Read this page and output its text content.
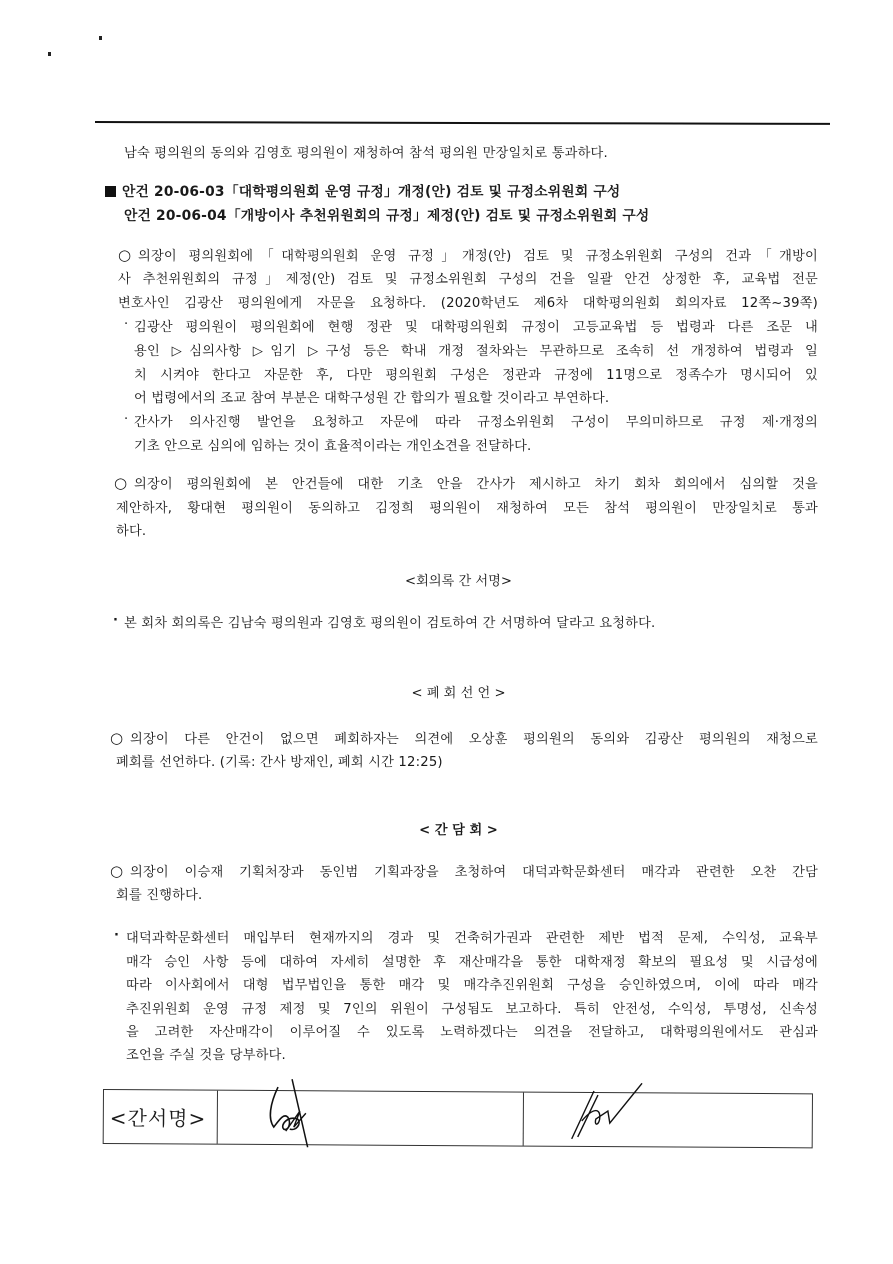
남숙 평의원의 동의와 김영호 평의원이 재청하여 참석 평의원 만장일치로 통과하다.
안건 20-06-03「대학평의원회 운영 규정」개정(안) 검토 및 규정소위원회 구성
안건 20-06-04「개방이사 추천위원회의 규정」제정(안) 검토 및 규정소위원회 구성
○ 의장이 평의원회에「대학평의원회 운영 규정」개정(안) 검토 및 규정소위원회 구성의 건과「개방이
사 추천위원회의 규정」제정(안) 검토 및 규정소위원회 구성의 건을 일괄 안건 상정한 후, 교육법 전문
변호사인 김광산 평의원에게 자문을 요청하다. (2020학년도 제6차 대학평의원회 회의자료 12쪽~39쪽)
· 김광산 평의원이 평의원회에 현행 정관 및 대학평의원회 규정이 고등교육법 등 법령과 다른 조문 내
용인 ▷심의사항 ▷임기 ▷구성 등은 학내 개정 절차와는 무관하므로 조속히 선 개정하여 법령과 일
치 시켜야 한다고 자문한 후, 다만 평의원회 구성은 정관과 규정에 11명으로 정족수가 명시되어 있
어 법령에서의 조교 참여 부분은 대학구성원 간 합의가 필요할 것이라고 부연하다.
· 간사가 의사진행 발언을 요청하고 자문에 따라 규정소위원회 구성이 무의미하므로 규정 제·개정의
기초 안으로 심의에 임하는 것이 효율적이라는 개인소견을 전달하다.
○ 의장이 평의원회에 본 안건들에 대한 기초 안을 간사가 제시하고 차기 회차 회의에서 심의할 것을
제안하자, 황대현 평의원이 동의하고 김정희 평의원이 재청하여 모든 참석 평의원이 만장일치로 통과
하다.
<회의록 간 서명>
· 본 회차 회의록은 김남숙 평의원과 김영호 평의원이 검토하여 간 서명하여 달라고 요청하다.
< 폐 회 선 언 >
○ 의장이 다른 안건이 없으면 폐회하자는 의견에 오상훈 평의원의 동의와 김광산 평의원의 재청으로
폐회를 선언하다. (기록: 간사 방재인, 폐회 시간 12:25)
< 간 담 회 >
○ 의장이 이승재 기획처장과 동인범 기획과장을 초청하여 대덕과학문화센터 매각과 관련한 오찬 간담
회를 진행하다.
· 대덕과학문화센터 매입부터 현재까지의 경과 및 건축허가권과 관련한 제반 법적 문제, 수익성, 교육부
매각 승인 사항 등에 대하여 자세히 설명한 후 재산매각을 통한 대학재정 확보의 필요성 및 시급성에
따라 이사회에서 대형 법무법인을 통한 매각 및 매각추진위원회 구성을 승인하였으며, 이에 따라 매각
추진위원회 운영 규정 제정 및 7인의 위원이 구성됨도 보고하다. 특히 안전성, 수익성, 투명성, 신속성
을 고려한 자산매각이 이루어질 수 있도록 노력하겠다는 의견을 전달하고, 대학평의원에서도 관심과
조언을 주실 것을 당부하다.
<간서명>
